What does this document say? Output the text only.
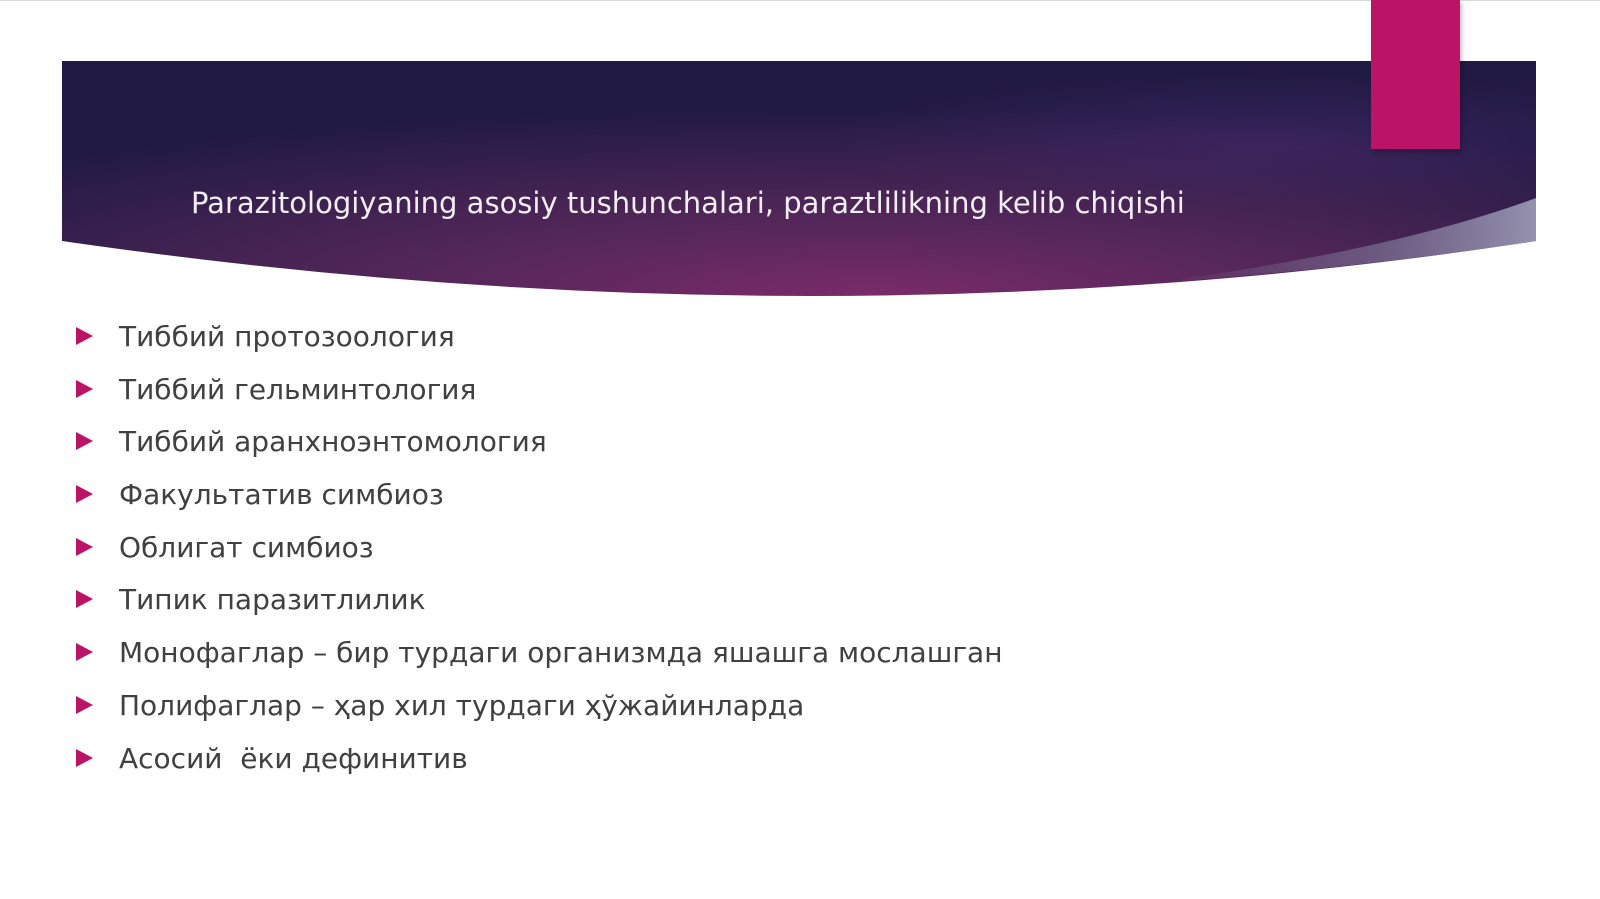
Parazitologiyaning asosiy tushunchalari, paraztlilikning kelib chiqishi
Тиббий протозоология
Тиббий гельминтология
Тиббий аранхноэнтомология
Факультатив симбиоз
Облигат симбиоз
Типик паразитлилик
Монофаглар – бир турдаги организмда яшашга мослашган
Полифаглар – ҳар хил турдаги ҳўжайинларда
Асосий  ёки дефинитив
